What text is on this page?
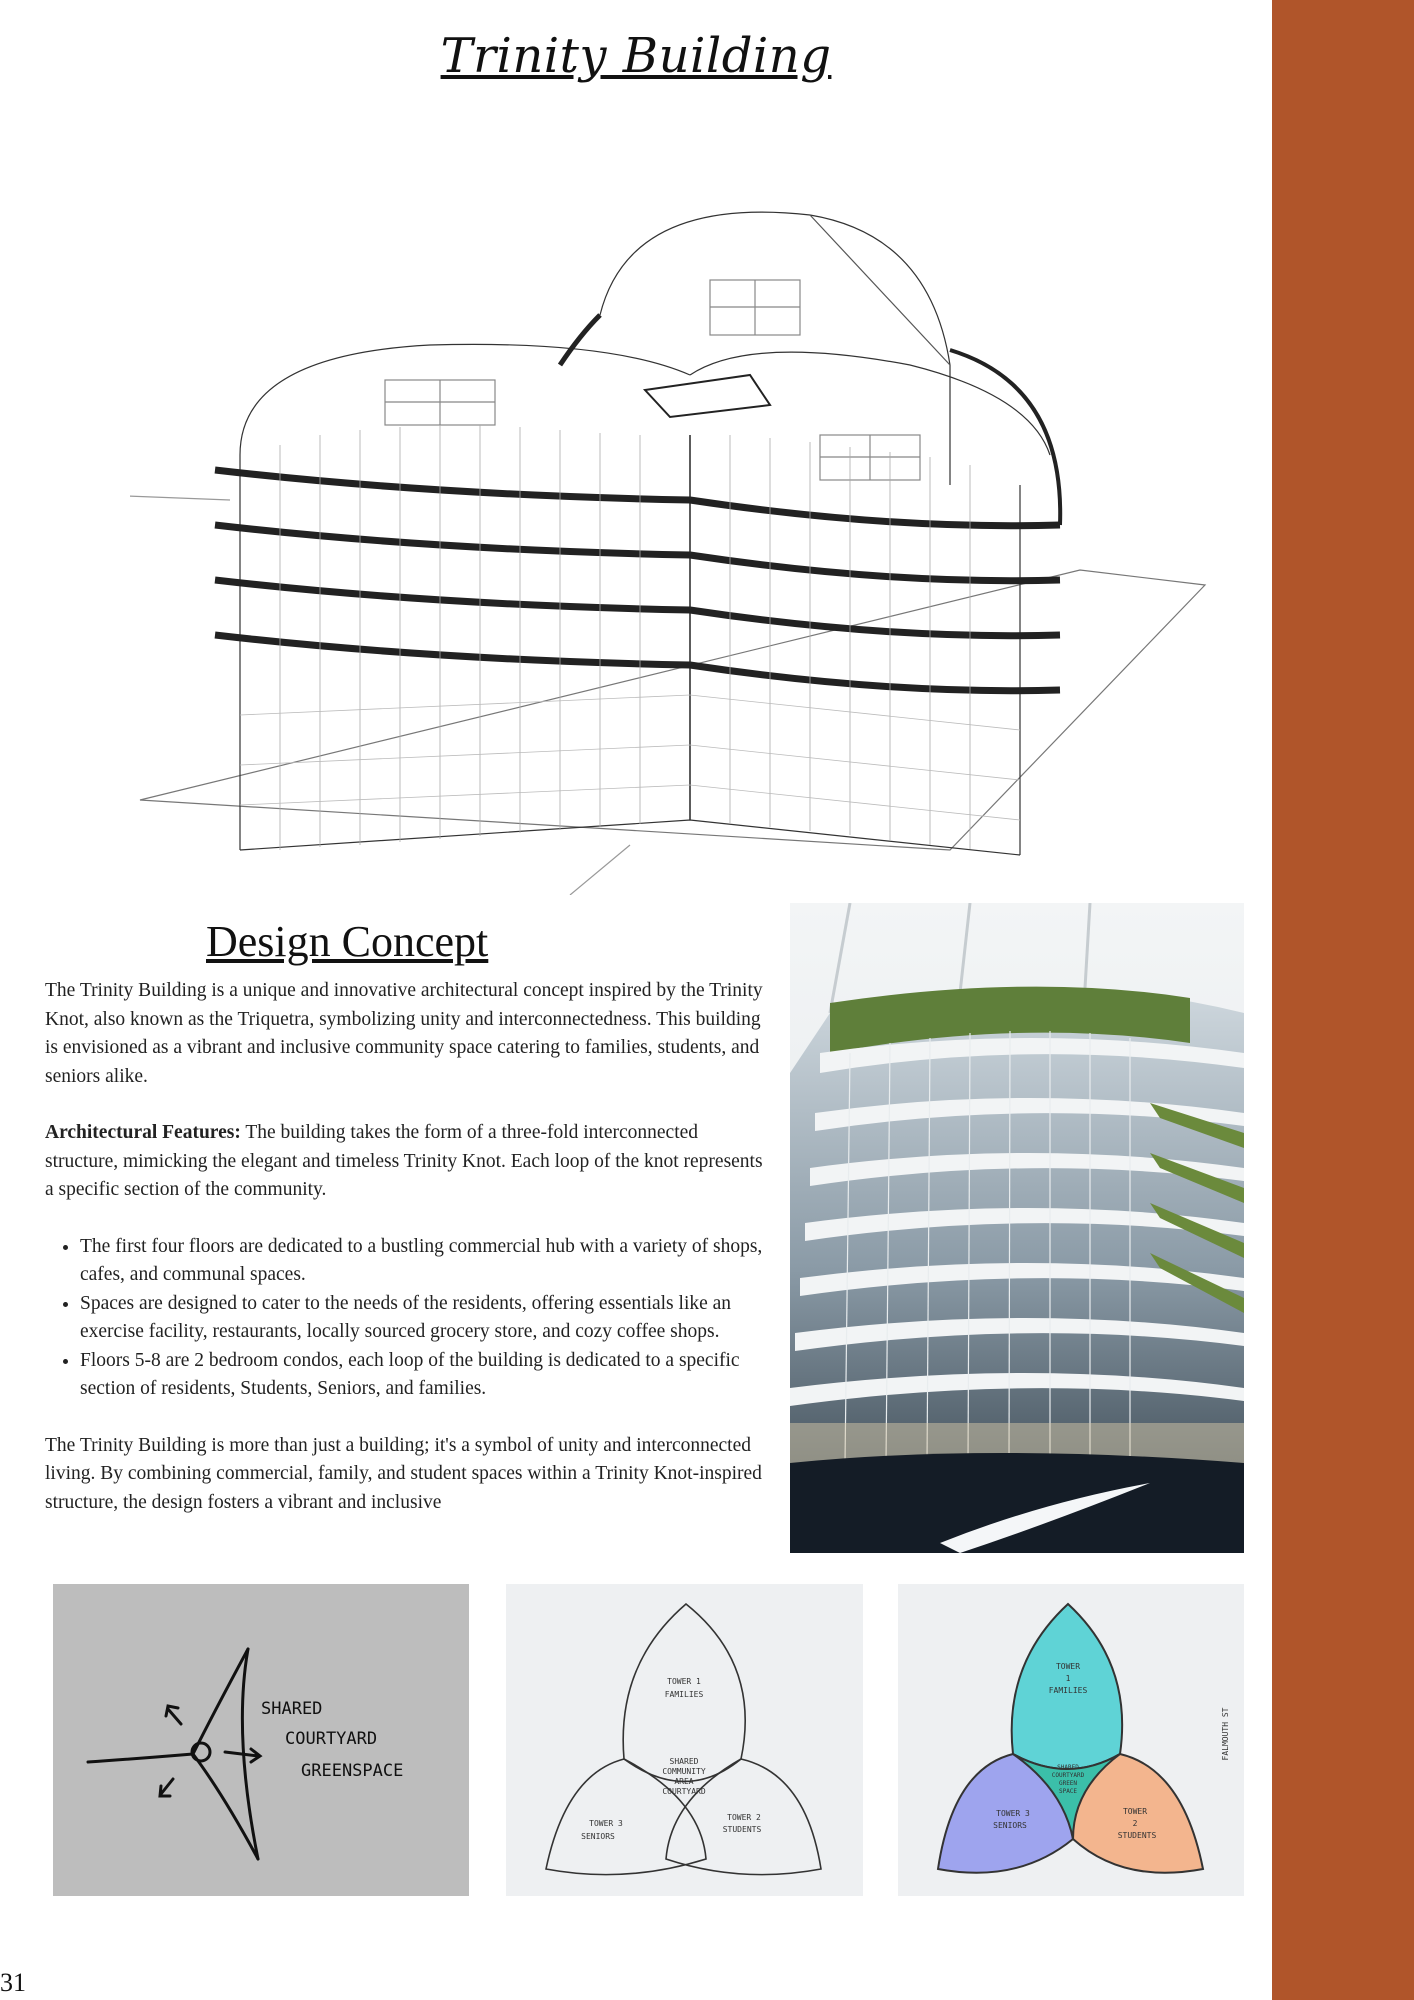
Trinity Building
Design Concept

The Trinity Building is a unique and innovative architectural concept inspired by the Trinity Knot, also known as the Triquetra, symbolizing unity and interconnectedness. This building is envisioned as a vibrant and inclusive community space catering to families, students, and seniors alike.

Architectural Features: The building takes the form of a three-fold interconnected structure, mimicking the elegant and timeless Trinity Knot. Each loop of the knot represents a specific section of the community.

• The first four floors are dedicated to a bustling commercial hub with a variety of shops, cafes, and communal spaces.
• Spaces are designed to cater to the needs of the residents, offering essentials like an exercise facility, restaurants, locally sourced grocery store, and cozy coffee shops.
• Floors 5-8 are 2 bedroom condos, each loop of the building is dedicated to a specific section of residents, Students, Seniors, and families.

The Trinity Building is more than just a building; it's a symbol of unity and interconnected living. By combining commercial, family, and student spaces within a Trinity Knot-inspired structure, the design fosters a vibrant and inclusive

SHARED
COURTYARD
GREENSPACE
TOWER 1
FAMILIES
SHARED
COMMUNITY
AREA
COURTYARD
TOWER 3
SENIORS
TOWER 2
STUDENTS
TOWER
1
FAMILIES
SHARED
COURTYARD
GREEN
SPACE
TOWER 3
SENIORS
TOWER
2
STUDENTS
FALMOUTH ST
31
